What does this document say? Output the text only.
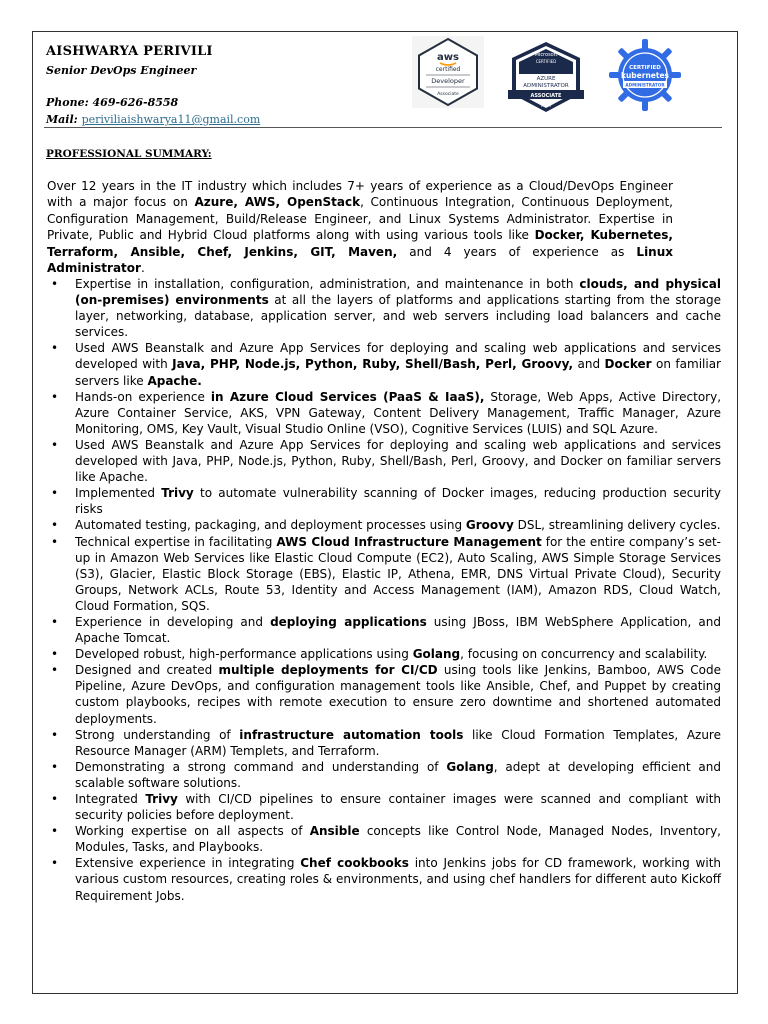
AISHWARYA PERIVILI
Senior DevOps Engineer
Phone: 469-626-8558
Mail: periviliaishwarya11@gmail.com
aws
certified
Developer
Associate
Microsoft
CERTIFIED
AZURE
ADMINISTRATOR
ASSOCIATE
★★
CERTIFIED
kubernetes
ADMINISTRATOR
PROFESSIONAL SUMMARY:

Over 12 years in the IT industry which includes 7+ years of experience as a Cloud/DevOps Engineer with a major focus on Azure, AWS, OpenStack, Continuous Integration, Continuous Deployment, Configuration Management, Build/Release Engineer, and Linux Systems Administrator. Expertise in Private, Public and Hybrid Cloud platforms along with using various tools like Docker, Kubernetes, Terraform, Ansible, Chef, Jenkins, GIT, Maven, and 4 years of experience as Linux Administrator.

• Expertise in installation, configuration, administration, and maintenance in both clouds, and physical (on-premises) environments at all the layers of platforms and applications starting from the storage layer, networking, database, application server, and web servers including load balancers and cache services.
• Used AWS Beanstalk and Azure App Services for deploying and scaling web applications and services developed with Java, PHP, Node.js, Python, Ruby, Shell/Bash, Perl, Groovy, and Docker on familiar servers like Apache.
• Hands-on experience in Azure Cloud Services (PaaS & IaaS), Storage, Web Apps, Active Directory, Azure Container Service, AKS, VPN Gateway, Content Delivery Management, Traffic Manager, Azure Monitoring, OMS, Key Vault, Visual Studio Online (VSO), Cognitive Services (LUIS) and SQL Azure.
• Used AWS Beanstalk and Azure App Services for deploying and scaling web applications and services developed with Java, PHP, Node.js, Python, Ruby, Shell/Bash, Perl, Groovy, and Docker on familiar servers like Apache.
• Implemented Trivy to automate vulnerability scanning of Docker images, reducing production security risks
• Automated testing, packaging, and deployment processes using Groovy DSL, streamlining delivery cycles.
• Technical expertise in facilitating AWS Cloud Infrastructure Management for the entire company’s set-up in Amazon Web Services like Elastic Cloud Compute (EC2), Auto Scaling, AWS Simple Storage Services (S3), Glacier, Elastic Block Storage (EBS), Elastic IP, Athena, EMR, DNS Virtual Private Cloud), Security Groups, Network ACLs, Route 53, Identity and Access Management (IAM), Amazon RDS, Cloud Watch, Cloud Formation, SQS.
• Experience in developing and deploying applications using JBoss, IBM WebSphere Application, and Apache Tomcat.
• Developed robust, high-performance applications using Golang, focusing on concurrency and scalability.
• Designed and created multiple deployments for CI/CD using tools like Jenkins, Bamboo, AWS Code Pipeline, Azure DevOps, and configuration management tools like Ansible, Chef, and Puppet by creating custom playbooks, recipes with remote execution to ensure zero downtime and shortened automated deployments.
• Strong understanding of infrastructure automation tools like Cloud Formation Templates, Azure Resource Manager (ARM) Templets, and Terraform.
• Demonstrating a strong command and understanding of Golang, adept at developing efficient and scalable software solutions.
• Integrated Trivy with CI/CD pipelines to ensure container images were scanned and compliant with security policies before deployment.
• Working expertise on all aspects of Ansible concepts like Control Node, Managed Nodes, Inventory, Modules, Tasks, and Playbooks.
• Extensive experience in integrating Chef cookbooks into Jenkins jobs for CD framework, working with various custom resources, creating roles & environments, and using chef handlers for different auto Kickoff Requirement Jobs.
